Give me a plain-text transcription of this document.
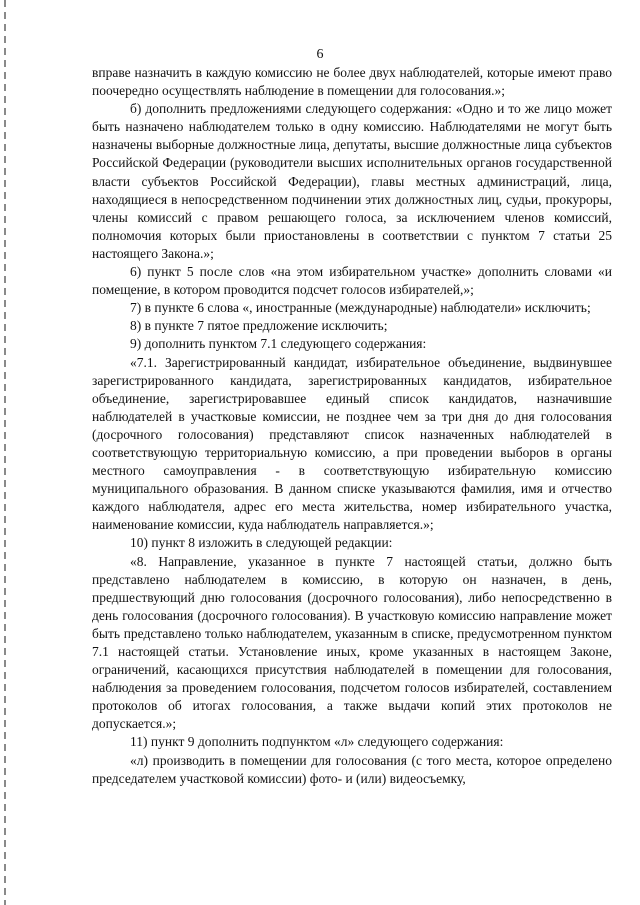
6

вправе назначить в каждую комиссию не более двух наблюдателей, которые имеют право поочередно осуществлять наблюдение в помещении для голосования.»;

б) дополнить предложениями следующего содержания: «Одно и то же лицо может быть назначено наблюдателем только в одну комиссию. Наблюдателями не могут быть назначены выборные должностные лица, депутаты, высшие должностные лица субъектов Российской Федерации (руководители высших исполнительных органов государственной власти субъектов Российской Федерации), главы местных администраций, лица, находящиеся в непосредственном подчинении этих должностных лиц, судьи, прокуроры, члены комиссий с правом решающего голоса, за исключением членов комиссий, полномочия которых были приостановлены в соответствии с пунктом 7 статьи 25 настоящего Закона.»;

6) пункт 5 после слов «на этом избирательном участке» дополнить словами «и помещение, в котором проводится подсчет голосов избирателей,»;

7) в пункте 6 слова «, иностранные (международные) наблюдатели» исключить;

8) в пункте 7 пятое предложение исключить;

9) дополнить пунктом 7.1 следующего содержания:

«7.1. Зарегистрированный кандидат, избирательное объединение, выдвинувшее зарегистрированного кандидата, зарегистрированных кандидатов, избирательное объединение, зарегистрировавшее единый список кандидатов, назначившие наблюдателей в участковые комиссии, не позднее чем за три дня до дня голосования (досрочного голосования) представляют список назначенных наблюдателей в соответствующую территориальную комиссию, а при проведении выборов в органы местного самоуправления - в соответствующую избирательную комиссию муниципального образования. В данном списке указываются фамилия, имя и отчество каждого наблюдателя, адрес его места жительства, номер избирательного участка, наименование комиссии, куда наблюдатель направляется.»;

10) пункт 8 изложить в следующей редакции:

«8. Направление, указанное в пункте 7 настоящей статьи, должно быть представлено наблюдателем в комиссию, в которую он назначен, в день, предшествующий дню голосования (досрочного голосования), либо непосредственно в день голосования (досрочного голосования). В участковую комиссию направление может быть представлено только наблюдателем, указанным в списке, предусмотренном пунктом 7.1 настоящей статьи. Установление иных, кроме указанных в настоящем Законе, ограничений, касающихся присутствия наблюдателей в помещении для голосования, наблюдения за проведением голосования, подсчетом голосов избирателей, составлением протоколов об итогах голосования, а также выдачи копий этих протоколов не допускается.»;

11) пункт 9 дополнить подпунктом «л» следующего содержания:

«л) производить в помещении для голосования (с того места, которое определено председателем участковой комиссии) фото- и (или) видеосъемку,
